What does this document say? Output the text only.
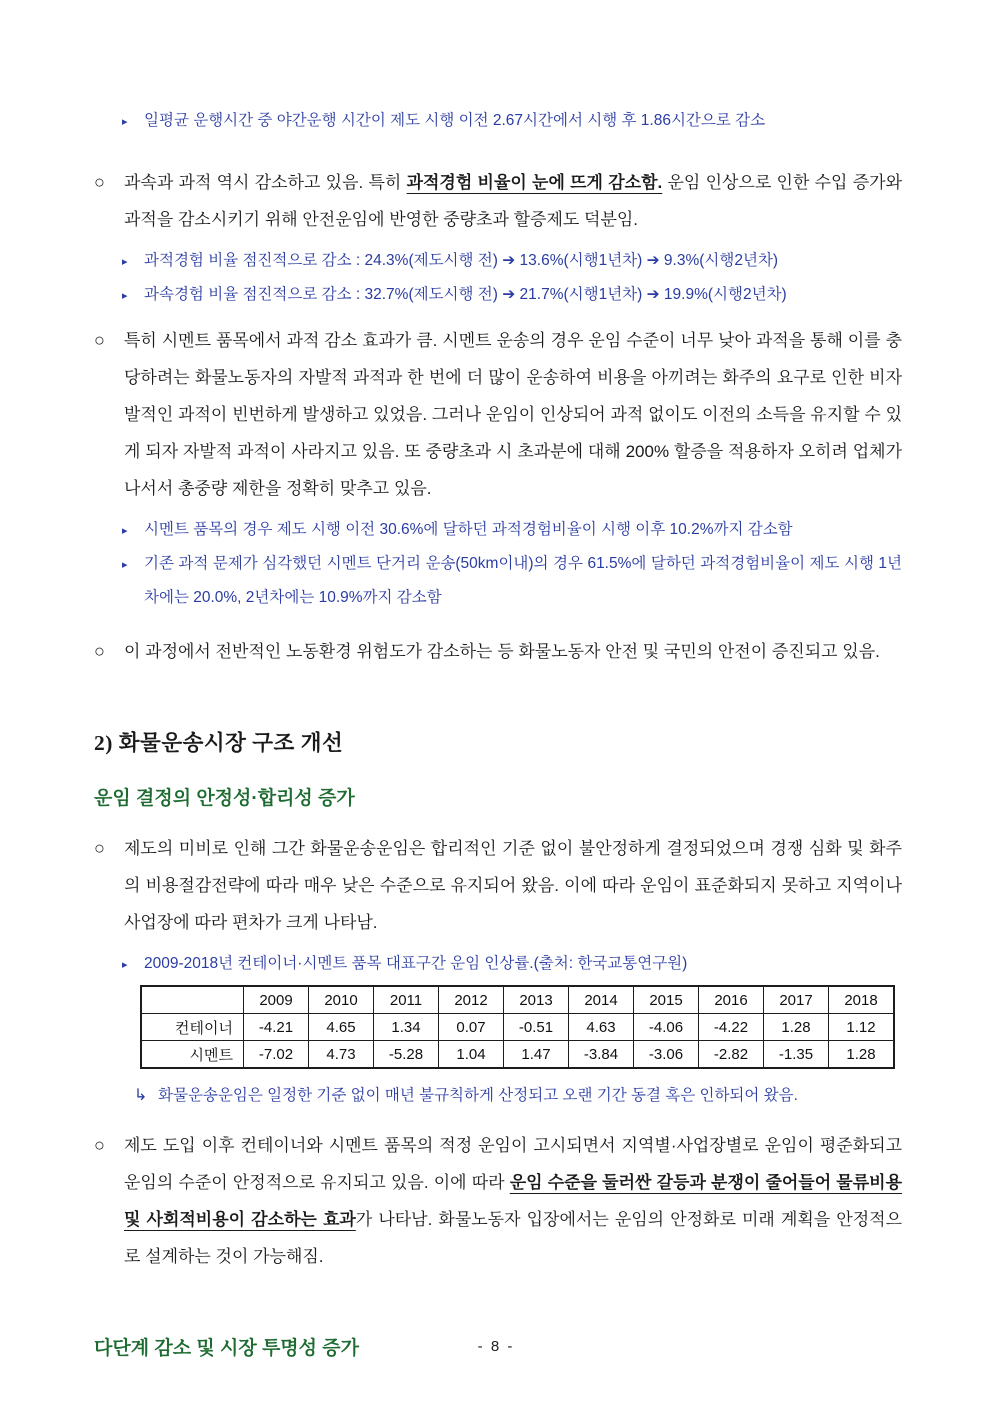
▸	일평균 운행시간 중 야간운행 시간이 제도 시행 이전 2.67시간에서 시행 후 1.86시간으로 감소
○	과속과 과적 역시 감소하고 있음. 특히 과적경험 비율이 눈에 뜨게 감소함. 운임 인상으로 인한 수입 증가와 과적을 감소시키기 위해 안전운임에 반영한 중량초과 할증제도 덕분임.
▸	과적경험 비율 점진적으로 감소 : 24.3%(제도시행 전) ➔ 13.6%(시행1년차) ➔ 9.3%(시행2년차)
▸	과속경험 비율 점진적으로 감소 : 32.7%(제도시행 전) ➔ 21.7%(시행1년차) ➔ 19.9%(시행2년차)
○	특히 시멘트 품목에서 과적 감소 효과가 큼. 시멘트 운송의 경우 운임 수준이 너무 낮아 과적을 통해 이를 충당하려는 화물노동자의 자발적 과적과 한 번에 더 많이 운송하여 비용을 아끼려는 화주의 요구로 인한 비자발적인 과적이 빈번하게 발생하고 있었음. 그러나 운임이 인상되어 과적 없이도 이전의 소득을 유지할 수 있게 되자 자발적 과적이 사라지고 있음. 또 중량초과 시 초과분에 대해 200% 할증을 적용하자 오히려 업체가 나서서 총중량 제한을 정확히 맞추고 있음.
▸	시멘트 품목의 경우 제도 시행 이전 30.6%에 달하던 과적경험비율이 시행 이후 10.2%까지 감소함
▸	기존 과적 문제가 심각했던 시멘트 단거리 운송(50km이내)의 경우 61.5%에 달하던 과적경험비율이 제도 시행 1년차에는 20.0%, 2년차에는 10.9%까지 감소함
○	이 과정에서 전반적인 노동환경 위험도가 감소하는 등 화물노동자 안전 및 국민의 안전이 증진되고 있음.
2) 화물운송시장 구조 개선
운임 결정의 안정성·합리성 증가
○	제도의 미비로 인해 그간 화물운송운임은 합리적인 기준 없이 불안정하게 결정되었으며 경쟁 심화 및 화주의 비용절감전략에 따라 매우 낮은 수준으로 유지되어 왔음. 이에 따라 운임이 표준화되지 못하고 지역이나 사업장에 따라 편차가 크게 나타남.
▸	2009-2018년 컨테이너·시멘트 품목 대표구간 운임 인상률.(출처: 한국교통연구원)
	2009	2010	2011	2012	2013	2014	2015	2016	2017	2018
컨테이너	-4.21	4.65	1.34	0.07	-0.51	4.63	-4.06	-4.22	1.28	1.12
시멘트	-7.02	4.73	-5.28	1.04	1.47	-3.84	-3.06	-2.82	-1.35	1.28
↳ 화물운송운임은 일정한 기준 없이 매년 불규칙하게 산정되고 오랜 기간 동결 혹은 인하되어 왔음.
○	제도 도입 이후 컨테이너와 시멘트 품목의 적정 운임이 고시되면서 지역별·사업장별로 운임이 평준화되고 운임의 수준이 안정적으로 유지되고 있음. 이에 따라 운임 수준을 둘러싼 갈등과 분쟁이 줄어들어 물류비용 및 사회적비용이 감소하는 효과가 나타남. 화물노동자 입장에서는 운임의 안정화로 미래 계획을 안정적으로 설계하는 것이 가능해짐.
다단계 감소 및 시장 투명성 증가	- 8 -
